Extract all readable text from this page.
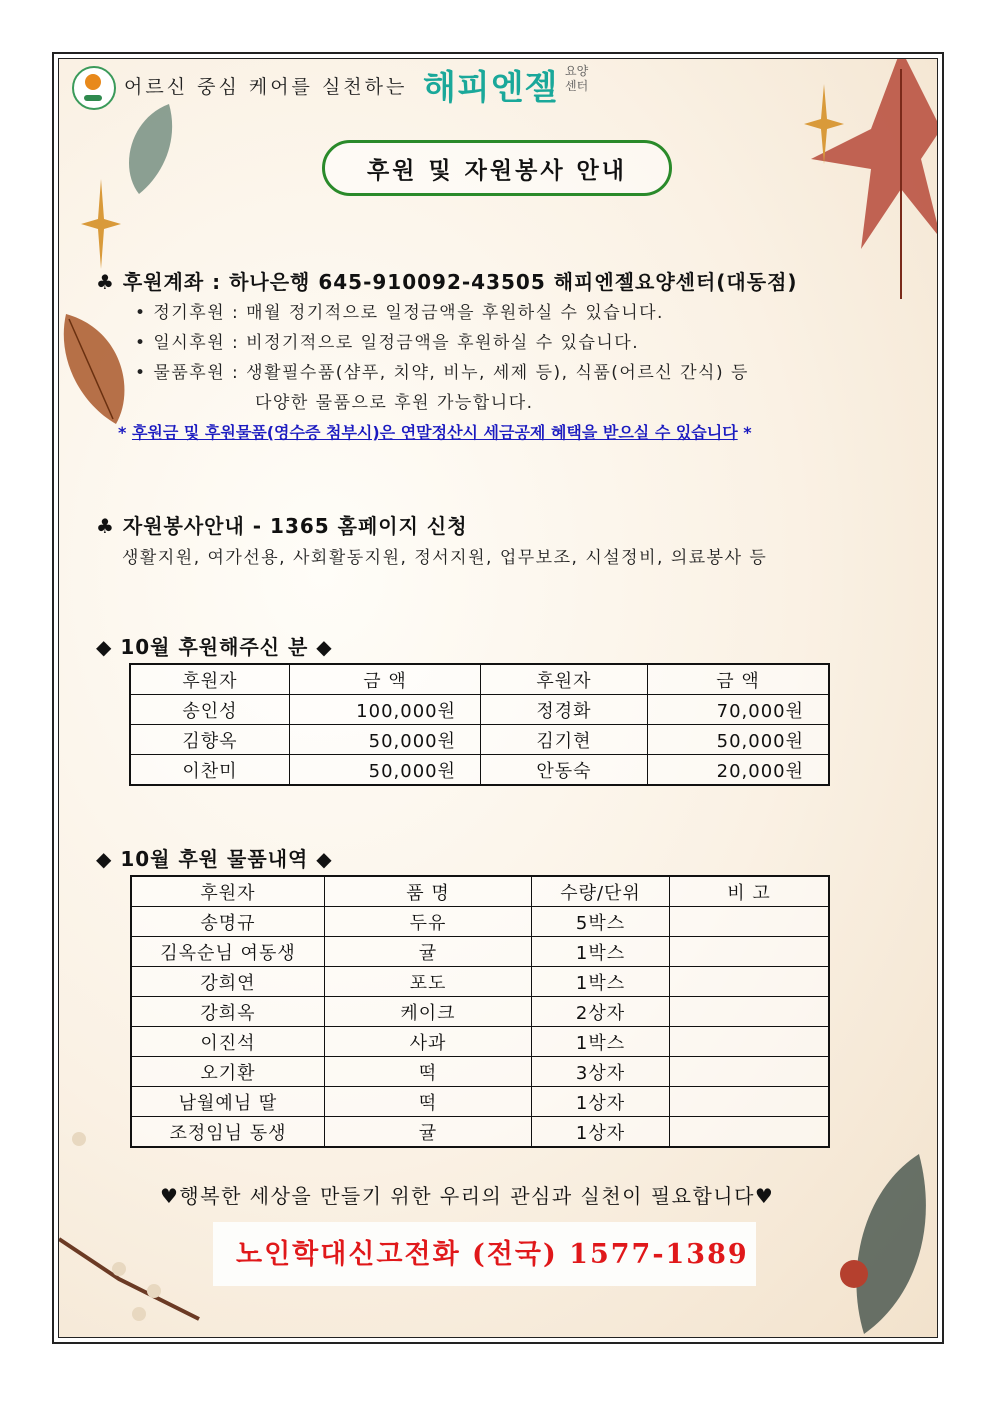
어르신 중심 케어를 실천하는 해피엔젤 요양 센터
후원 및 자원봉사 안내
♣ 후원계좌 : 하나은행 645-910092-43505 해피엔젤요양센터(대동점)
• 정기후원 : 매월 정기적으로 일정금액을 후원하실 수 있습니다.
• 일시후원 : 비정기적으로 일정금액을 후원하실 수 있습니다.
• 물품후원 : 생활필수품(샴푸, 치약, 비누, 세제 등), 식품(어르신 간식) 등
다양한 물품으로 후원 가능합니다.
* 후원금 및 후원물품(영수증 첨부시)은 연말정산시 세금공제 혜택을 받으실 수 있습니다 *
♣ 자원봉사안내 - 1365 홈페이지 신청
생활지원, 여가선용, 사회활동지원, 정서지원, 업무보조, 시설정비, 의료봉사 등
◆ 10월 후원해주신 분 ◆
후원자	금 액	후원자	금 액
송인성	100,000원	정경화	70,000원
김향옥	50,000원	김기현	50,000원
이찬미	50,000원	안동숙	20,000원
◆ 10월 후원 물품내역 ◆
후원자	품 명	수량/단위	비 고
송명규	두유	5박스	
김옥순님 여동생	귤	1박스	
강희연	포도	1박스	
강희옥	케이크	2상자	
이진석	사과	1박스	
오기환	떡	3상자	
남월예님 딸	떡	1상자	
조정임님 동생	귤	1상자	
♥행복한 세상을 만들기 위한 우리의 관심과 실천이 필요합니다♥
노인학대신고전화 (전국) 1577-1389
